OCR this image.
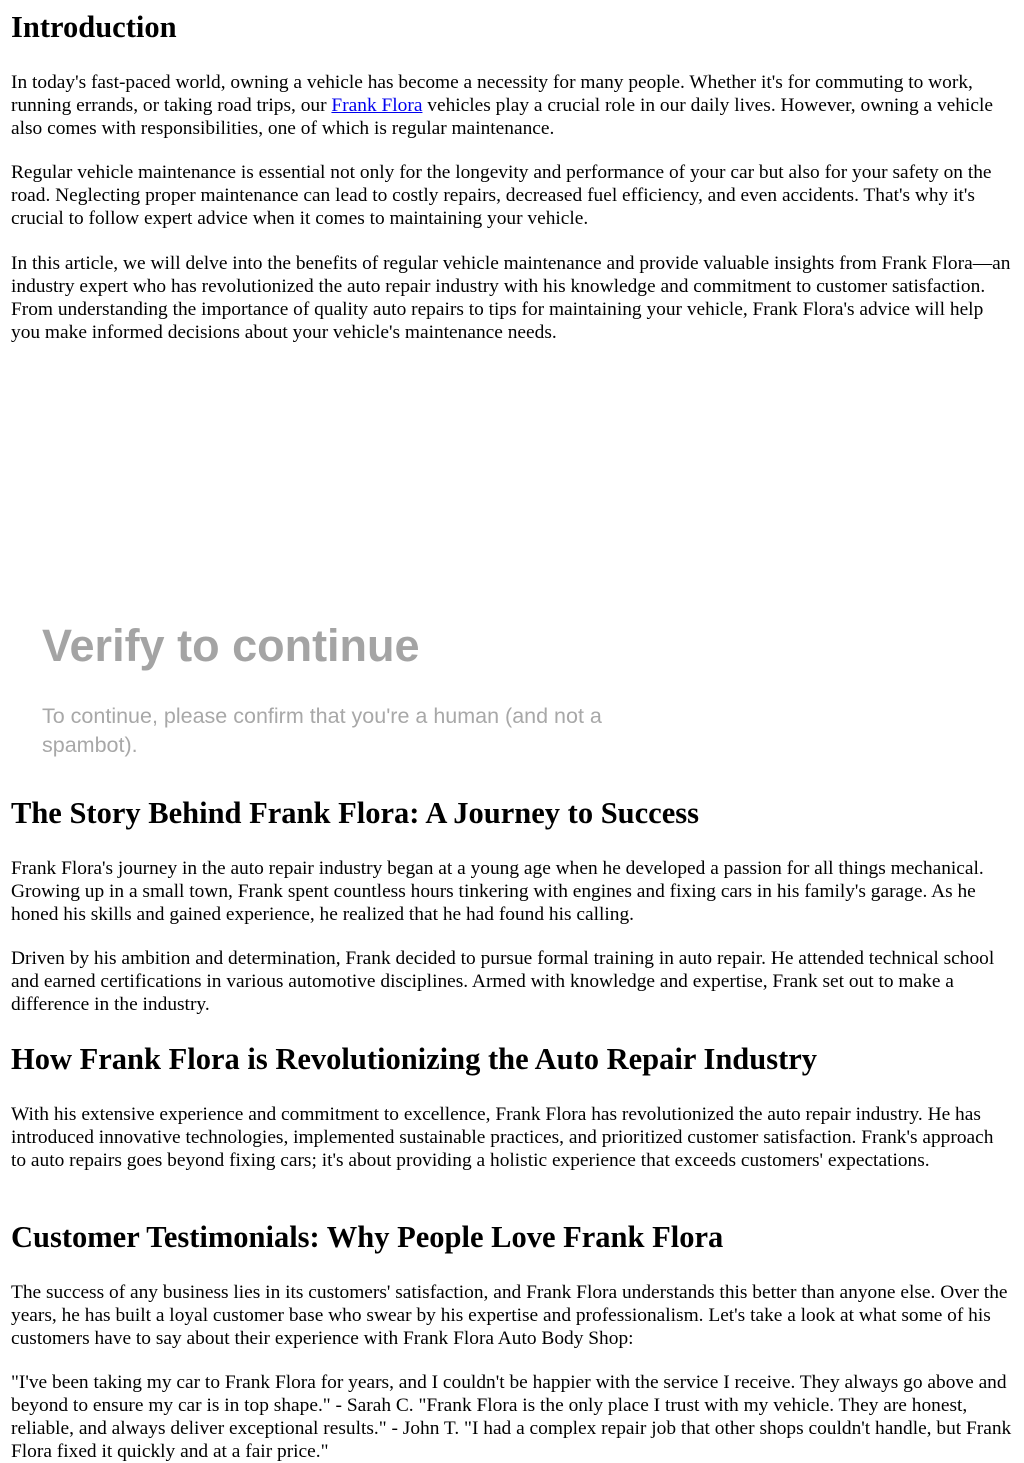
Introduction

In today's fast-paced world, owning a vehicle has become a necessity for many people. Whether it's for commuting to work, running errands, or taking road trips, our Frank Flora vehicles play a crucial role in our daily lives. However, owning a vehicle also comes with responsibilities, one of which is regular maintenance.

Regular vehicle maintenance is essential not only for the longevity and performance of your car but also for your safety on the road. Neglecting proper maintenance can lead to costly repairs, decreased fuel efficiency, and even accidents. That's why it's crucial to follow expert advice when it comes to maintaining your vehicle.

In this article, we will delve into the benefits of regular vehicle maintenance and provide valuable insights from Frank Flora—an industry expert who has revolutionized the auto repair industry with his knowledge and commitment to customer satisfaction. From understanding the importance of quality auto repairs to tips for maintaining your vehicle, Frank Flora's advice will help you make informed decisions about your vehicle's maintenance needs.

The Story Behind Frank Flora: A Journey to Success

Frank Flora's journey in the auto repair industry began at a young age when he developed a passion for all things mechanical. Growing up in a small town, Frank spent countless hours tinkering with engines and fixing cars in his family's garage. As he honed his skills and gained experience, he realized that he had found his calling.

Driven by his ambition and determination, Frank decided to pursue formal training in auto repair. He attended technical school and earned certifications in various automotive disciplines. Armed with knowledge and expertise, Frank set out to make a difference in the industry.

How Frank Flora is Revolutionizing the Auto Repair Industry

With his extensive experience and commitment to excellence, Frank Flora has revolutionized the auto repair industry. He has introduced innovative technologies, implemented sustainable practices, and prioritized customer satisfaction. Frank's approach to auto repairs goes beyond fixing cars; it's about providing a holistic experience that exceeds customers' expectations.

Customer Testimonials: Why People Love Frank Flora

The success of any business lies in its customers' satisfaction, and Frank Flora understands this better than anyone else. Over the years, he has built a loyal customer base who swear by his expertise and professionalism. Let's take a look at what some of his customers have to say about their experience with Frank Flora Auto Body Shop:

"I've been taking my car to Frank Flora for years, and I couldn't be happier with the service I receive. They always go above and beyond to ensure my car is in top shape." - Sarah C. "Frank Flora is the only place I trust with my vehicle. They are honest, reliable, and always deliver exceptional results." - John T. "I had a complex repair job that other shops couldn't handle, but Frank Flora fixed it quickly and at a fair price."

Verify to continue
To continue, please confirm that you're a human (and not a spambot).
